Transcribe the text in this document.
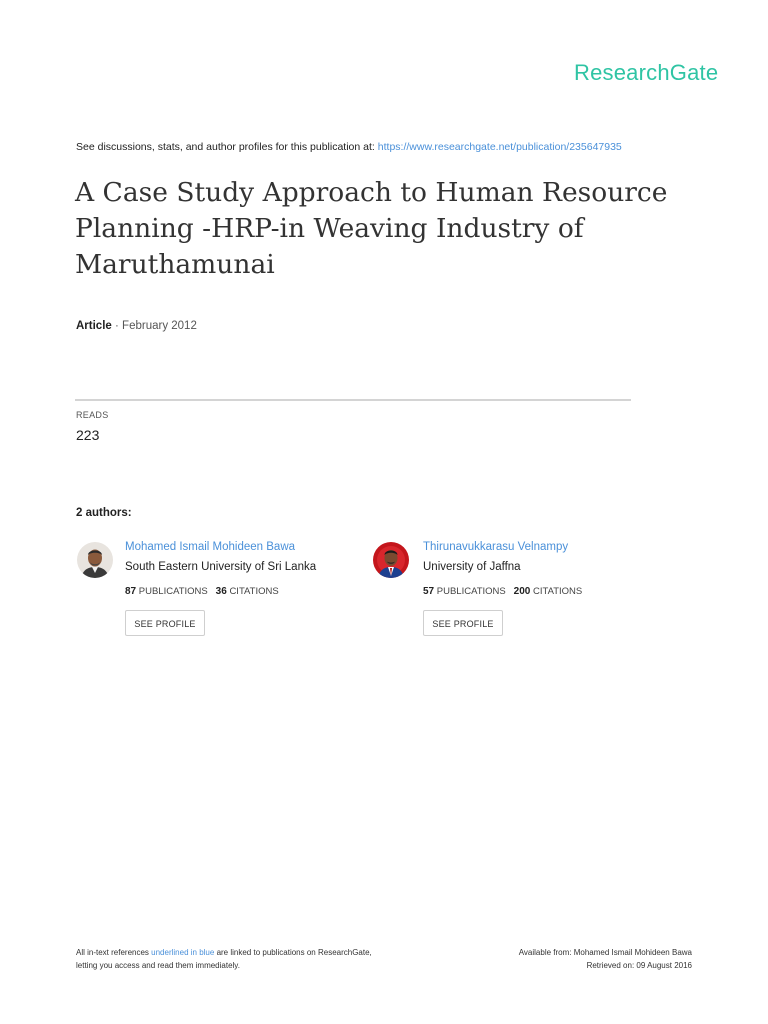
ResearchGate
See discussions, stats, and author profiles for this publication at: https://www.researchgate.net/publication/235647935
A Case Study Approach to Human Resource Planning -HRP-in Weaving Industry of Maruthamunai
Article · February 2012
READS
223
2 authors:
Mohamed Ismail Mohideen Bawa
South Eastern University of Sri Lanka
87 PUBLICATIONS 36 CITATIONS
SEE PROFILE
Thirunavukkarasu Velnampy
University of Jaffna
57 PUBLICATIONS 200 CITATIONS
SEE PROFILE
All in-text references underlined in blue are linked to publications on ResearchGate,
letting you access and read them immediately.
Available from: Mohamed Ismail Mohideen Bawa
Retrieved on: 09 August 2016
